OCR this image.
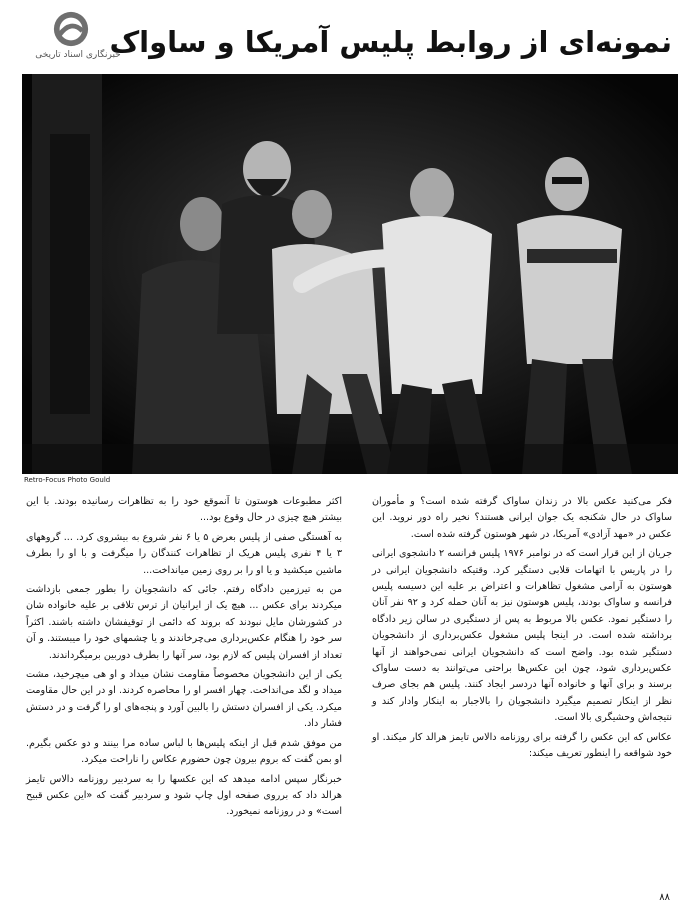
خبرنگاری اسناد تاریخی
نمونه‌ای از روابط پلیس آمریکا و ساواک
Retro-Focus Photo Gould

فکر می‌کنید عکس بالا در زندان ساواک گرفته شده است؟ و مأموران ساواک در حال شکنجه یک جوان ایرانی هستند؟ نخیر راه دور نروید. این عکس در «مهد آزادی» آمریکا، در شهر هوستون گرفته شده است.

جریان از این قرار است که در نوامبر ۱۹۷۶ پلیس فرانسه ۲ دانشجوی ایرانی را در پاریس با اتهامات قلابی دستگیر کرد. وقتیکه دانشجویان ایرانی در هوستون به آرامی مشغول تظاهرات و اعتراض بر علیه این دسیسه پلیس فرانسه و ساواک بودند، پلیس هوستون نیز به آنان حمله کرد و ۹۲ نفر آنان را دستگیر نمود. عکس بالا مربوط به پس از دستگیری در سالن زیر دادگاه برداشته شده است. در اینجا پلیس مشغول عکس‌برداری از دانشجویان دستگیر شده بود. واضح است که دانشجویان ایرانی نمی‌خواهند از آنها عکس‌برداری شود، چون این عکس‌ها براحتی می‌توانند به دست ساواک برسند و برای آنها و خانواده آنها دردسر ایجاد کنند. پلیس هم بجای صرف نظر از اینکار تصمیم میگیرد دانشجویان را بالاجبار به اینکار وادار کند و نتیجه‌اش وحشیگری بالا است.

عکاس که این عکس را گرفته برای روزنامه دالاس تایمز هرالد کار میکند. او خود شواقعه را اینطور تعریف میکند:

اکثر مطبوعات هوستون تا آنموقع خود را به تظاهرات رسانیده بودند. با این بیشتر هیچ چیزی در حال وقوع بود...

به آهستگی صفی از پلیس بعرض ۵ یا ۶ نفر شروع به بیشروی کرد. ... گروههای ۳ یا ۴ نفری پلیس هریک از تظاهرات کنندگان را میگرفت و با او را بطرف ماشین میکشید و یا او را بر روی زمین میانداخت...

من به تیرزمین دادگاه رفتم. جائی که دانشجویان را بطور جمعی بازداشت میکردند برای عکس ... هیچ یک از ایرانیان از ترس تلافی بر علیه خانواده شان در کشورشان مایل نبودند که بروند که دائمی از توقیفشان داشته باشند. اکثراً سر خود را هنگام عکس‌برداری می‌چرخاندند و یا چشمهای خود را میبستند. و آن تعداد از افسران پلیس که لازم بود، سر آنها را بطرف دوربین برمیگرداندند.

یکی از این دانشجویان مخصوصاً مقاومت نشان میداد و او هی میچرخید، مشت میداد و لگد می‌انداخت. چهار افسر او را محاصره کردند. او در این حال مقاومت میکرد. یکی از افسران دستش را بالبین آورد و پنجه‌های او را گرفت و در دستش فشار داد.

من موفق شدم قبل از اینکه پلیس‌ها با لباس ساده مرا بینند و دو عکس بگیرم. او بمن گفت که بروم بیرون چون حضورم عکاس را ناراحت میکرد.

خبرنگار سپس ادامه میدهد که این عکسها را به سردبیر روزنامه دالاس تایمز هرالد داد که برروی صفحه اول چاپ شود و سردبیر گفت که «این عکس قبیح است» و در روزنامه نمیخورد.

۸۸
